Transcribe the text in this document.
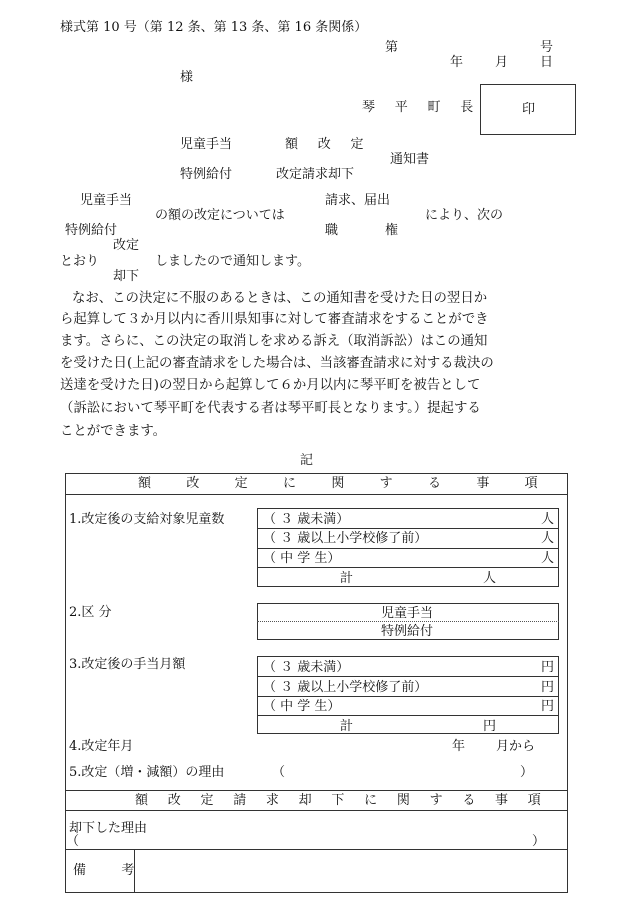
様式第 10 号（第 12 条、第 13 条、第 16 条関係）
第	号
年 月 日
様
琴 平 町 長	印
児童手当	額 改 定
通知書
特例給付	改定請求却下
児童手当	請求、届出
の額の改定については	により、次の
特例給付	職	権
改定
とおり	しましたので通知します。
却下
なお、この決定に不服のあるときは、この通知書を受けた日の翌日か
ら起算して３か月以内に香川県知事に対して審査請求をすることができ
ます。さらに、この決定の取消しを求める訴え（取消訴訟）はこの通知
を受けた日(上記の審査請求をした場合は、当該審査請求に対する裁決の
送達を受けた日)の翌日から起算して６か月以内に琴平町を被告として
（訴訟において琴平町を代表する者は琴平町長となります。）提起する
ことができます。
記
額 改 定 に 関 す る 事 項
1.改定後の支給対象児童数	（ ３ 歳未満）	人
（ ３ 歳以上小学校修了前）	人
（ 中 学 生）	人
計	人
2.区 分	児童手当
特例給付
3.改定後の手当月額	（ ３ 歳未満）	円
（ ３ 歳以上小学校修了前）	円
（ 中 学 生）	円
計	円
4.改定年月	年 月から
5.改定（増・減額）の理由	（	）
額 改 定 請 求 却 下 に 関 す る 事 項
却下した理由
（	）
備 考
